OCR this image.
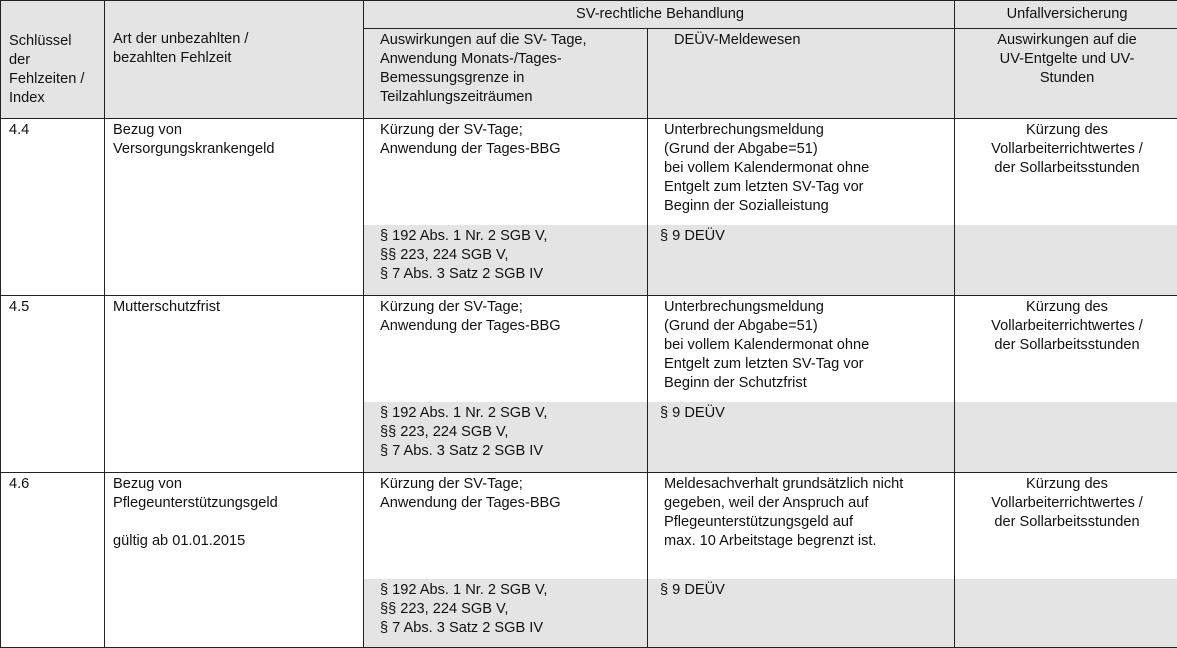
Schlüssel
der
Fehlzeiten /
Index	Art der unbezahlten /
bezahlten Fehlzeit	SV-rechtliche Behandlung		Unfallversicherung
		Auswirkungen auf die SV- Tage,
Anwendung Monats-/Tages-
Bemessungsgrenze in
Teilzahlungszeiträumen	DEÜV-Meldewesen	Auswirkungen auf die
UV-Entgelte und UV-
Stunden
4.4	Bezug von
Versorgungskrankengeld	Kürzung der SV-Tage;
Anwendung der Tages-BBG	Unterbrechungsmeldung
(Grund der Abgabe=51)
bei vollem Kalendermonat ohne
Entgelt zum letzten SV-Tag vor
Beginn der Sozialleistung	Kürzung des
Vollarbeiterrichtwertes /
der Sollarbeitsstunden
		§ 192 Abs. 1 Nr. 2 SGB V,
§§ 223, 224 SGB V,
§ 7 Abs. 3 Satz 2 SGB IV	§ 9 DEÜV	
4.5	Mutterschutzfrist	Kürzung der SV-Tage;
Anwendung der Tages-BBG	Unterbrechungsmeldung
(Grund der Abgabe=51)
bei vollem Kalendermonat ohne
Entgelt zum letzten SV-Tag vor
Beginn der Schutzfrist	Kürzung des
Vollarbeiterrichtwertes /
der Sollarbeitsstunden
		§ 192 Abs. 1 Nr. 2 SGB V,
§§ 223, 224 SGB V,
§ 7 Abs. 3 Satz 2 SGB IV	§ 9 DEÜV	
4.6	Bezug von
Pflegeunterstützungsgeld

gültig ab 01.01.2015	Kürzung der SV-Tage;
Anwendung der Tages-BBG	Meldesachverhalt grundsätzlich nicht
gegeben, weil der Anspruch auf
Pflegeunterstützungsgeld auf
max. 10 Arbeitstage begrenzt ist.	Kürzung des
Vollarbeiterrichtwertes /
der Sollarbeitsstunden
		§ 192 Abs. 1 Nr. 2 SGB V,
§§ 223, 224 SGB V,
§ 7 Abs. 3 Satz 2 SGB IV	§ 9 DEÜV	
